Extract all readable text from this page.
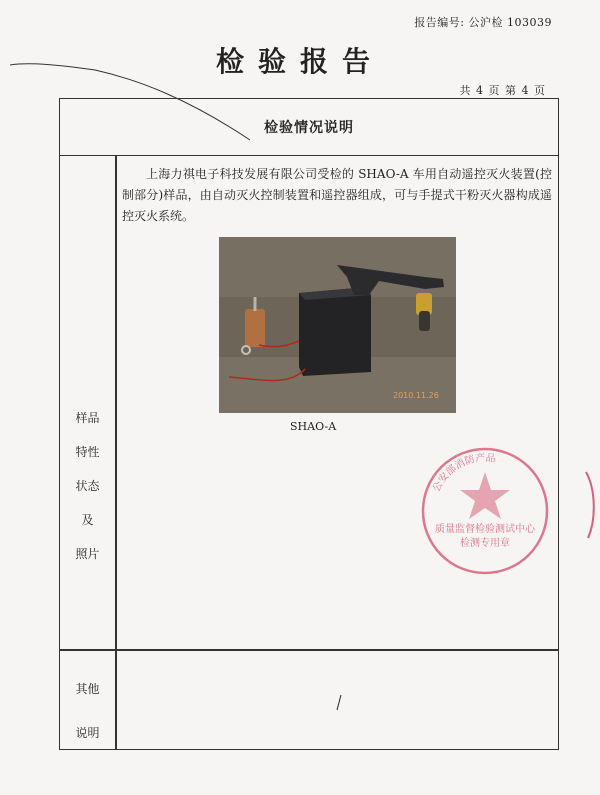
报告编号: 公沪检 103039
检验报告
共 4 页 第 4 页
检验情况说明
样品
特性
状态
及
照片
上海力祺电子科技发展有限公司受检的 SHAO-A 车用自动遥控灭火装置(控制部分)样品，由自动灭火控制装置和遥控器组成，可与手提式干粉灭火器构成遥控灭火系统。
2010.11.26
SHAO-A
公安部消防产品
质量监督检验测试中心
检测专用章
其他
说明
